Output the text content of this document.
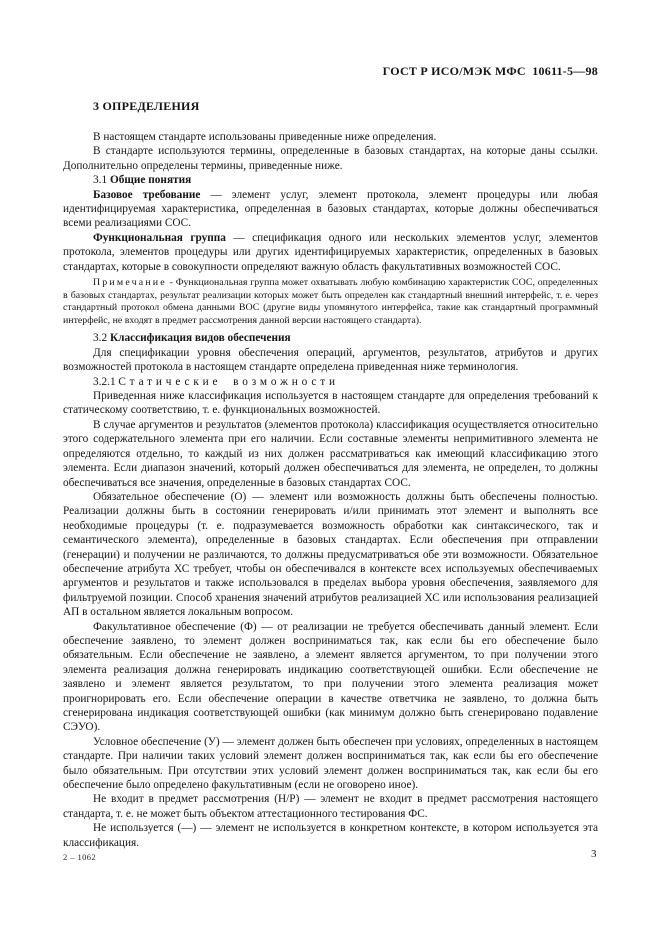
ГОСТ Р ИСО/МЭК МФС  10611-5—98
3 ОПРЕДЕЛЕНИЯ

В настоящем стандарте использованы приведенные ниже определения.

В стандарте используются термины, определенные в базовых стандартах, на которые даны ссылки. Дополнительно определены термины, приведенные ниже.

3.1 Общие понятия

Базовое требование — элемент услуг, элемент протокола, элемент процедуры или любая идентифицируемая характеристика, определенная в базовых стандартах, которые должны обеспечиваться всеми реализациями СОС.

Функциональная группа — спецификация одного или нескольких элементов услуг, элементов протокола, элементов процедуры или других идентифицируемых характеристик, определенных в базовых стандартах, которые в совокупности определяют важную область факультативных возможностей СОС.

Примечание - Функциональная группа может охватывать любую комбинацию характеристик СОС, определенных в базовых стандартах, результат реализации которых может быть определен как стандартный внешний интерфейс, т. е. через стандартный протокол обмена данными ВОС (другие виды упомянутого интерфейса, такие как стандартный программный интерфейс, не входят в предмет рассмотрения данной версии настоящего стандарта).

3.2 Классификация видов обеспечения

Для спецификации уровня обеспечения операций, аргументов, результатов, атрибутов и других возможностей протокола в настоящем стандарте определена приведенная ниже терминология.

3.2.1 Статические возможности

Приведенная ниже классификация используется в настоящем стандарте для определения требований к статическому соответствию, т. е. функциональных возможностей.

В случае аргументов и результатов (элементов протокола) классификация осуществляется относительно этого содержательного элемента при его наличии. Если составные элементы непримитивного элемента не определяются отдельно, то каждый из них должен рассматриваться как имеющий классификацию этого элемента. Если диапазон значений, который должен обеспечиваться для элемента, не определен, то должны обеспечиваться все значения, определенные в базовых стандартах СОС.

Обязательное обеспечение (О) — элемент или возможность должны быть обеспечены полностью. Реализации должны быть в состоянии генерировать и/или принимать этот элемент и выполнять все необходимые процедуры (т. е. подразумевается возможность обработки как синтаксического, так и семантического элемента), определенные в базовых стандартах. Если обеспечения при отправлении (генерации) и получении не различаются, то должны предусматриваться обе эти возможности. Обязательное обеспечение атрибута ХС требует, чтобы он обеспечивался в контексте всех используемых обеспечиваемых аргументов и результатов и также использовался в пределах выбора уровня обеспечения, заявляемого для фильтруемой позиции. Способ хранения значений атрибутов реализацией ХС или использования реализацией АП в остальном является локальным вопросом.

Факультативное обеспечение (Ф) — от реализации не требуется обеспечивать данный элемент. Если обеспечение заявлено, то элемент должен восприниматься так, как если бы его обеспечение было обязательным. Если обеспечение не заявлено, а элемент является аргументом, то при получении этого элемента реализация должна генерировать индикацию соответствующей ошибки. Если обеспечение не заявлено и элемент является результатом, то при получении этого элемента реализация может проигнорировать его. Если обеспечение операции в качестве ответчика не заявлено, то должна быть сгенерирована индикация соответствующей ошибки (как минимум должно быть сгенерировано подавление СЭУО).

Условное обеспечение (У) — элемент должен быть обеспечен при условиях, определенных в настоящем стандарте. При наличии таких условий элемент должен восприниматься так, как если бы его обеспечение было обязательным. При отсутствии этих условий элемент должен восприниматься так, как если бы его обеспечение было определено факультативным (если не оговорено иное).

Не входит в предмет рассмотрения (Н/Р) — элемент не входит в предмет рассмотрения настоящего стандарта, т. е. не может быть объектом аттестационного тестирования ФС.

Не используется (—) — элемент не используется в конкретном контексте, в котором используется эта классификация.

2 – 1062	3
